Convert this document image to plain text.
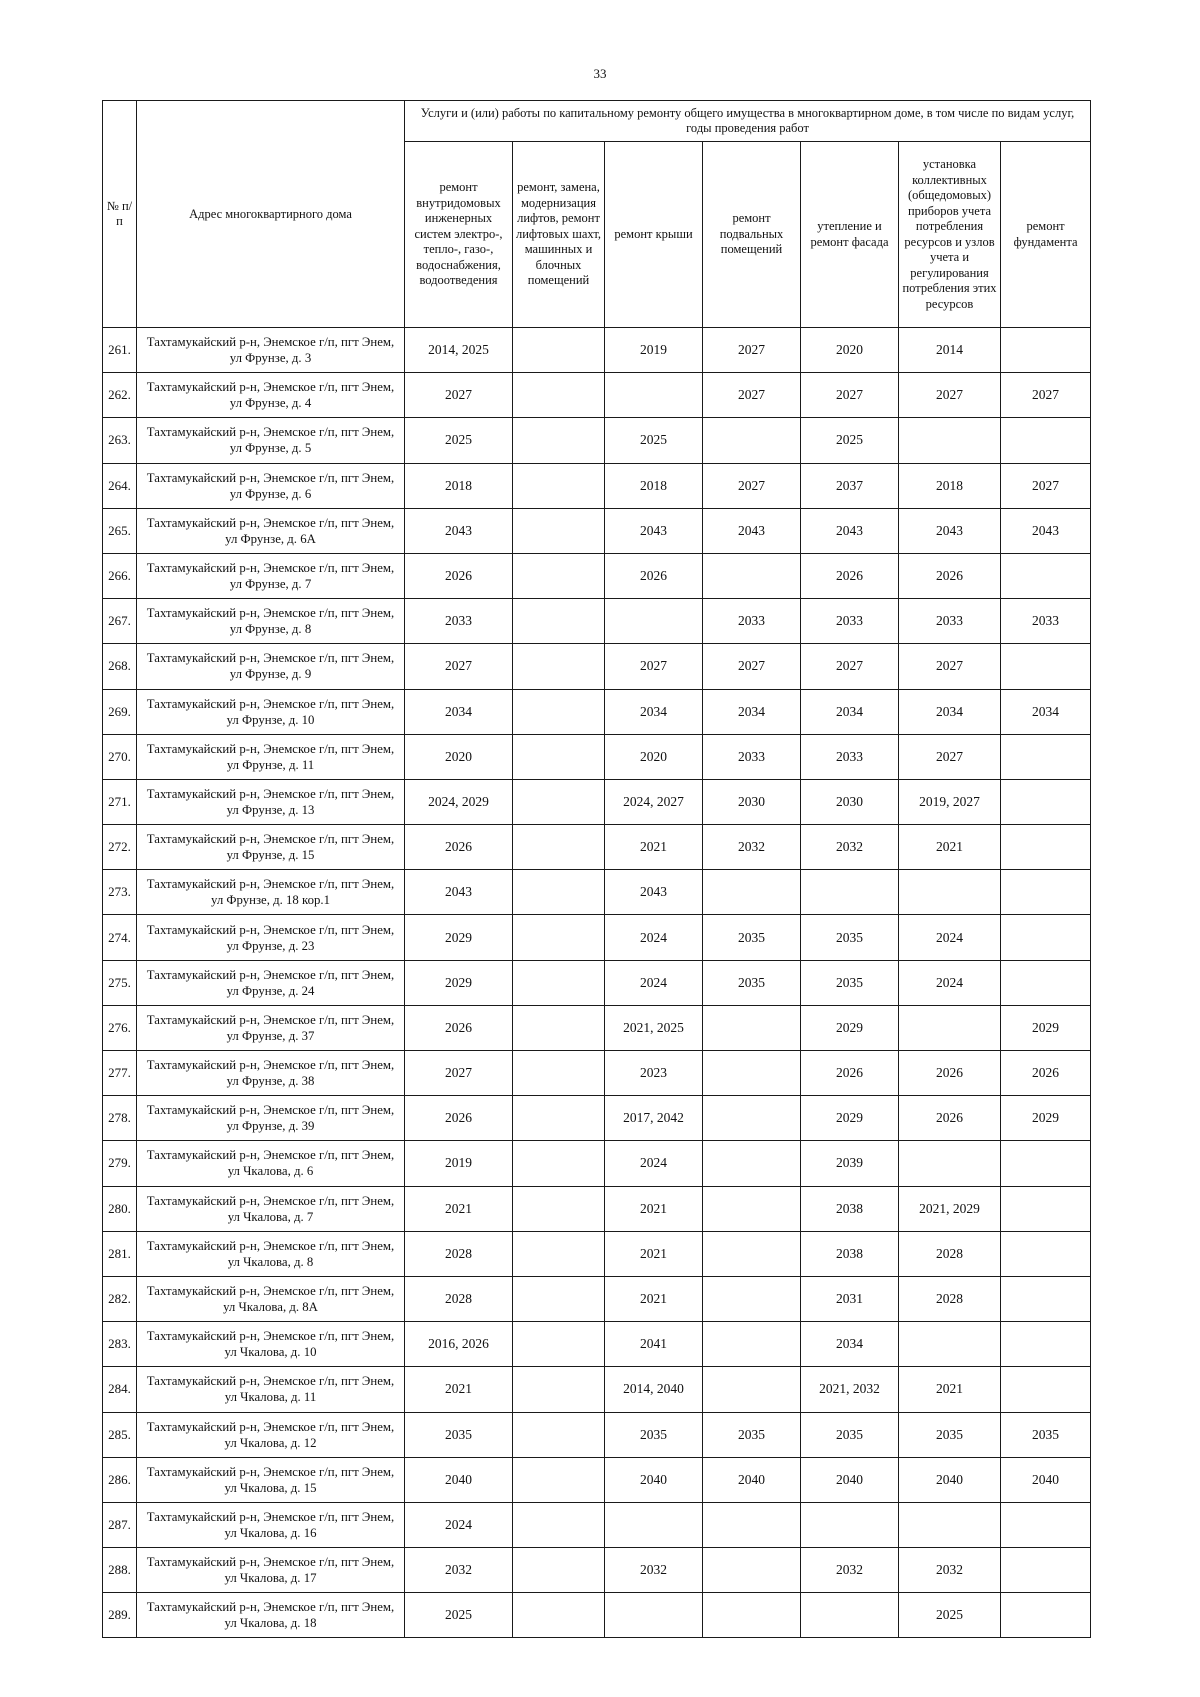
33
№ п/п	Адрес многоквартирного дома	Услуги и (или) работы по капитальному ремонту общего имущества в многоквартирном доме, в том числе по видам услуг, годы проведения работ						
		ремонт внутридомовых инженерных систем электро-, тепло-, газо-, водоснабжения, водоотведения	ремонт, замена, модернизация лифтов, ремонт лифтовых шахт, машинных и блочных помещений	ремонт крыши	ремонт подвальных помещений	утепление и ремонт фасада	установка коллективных (общедомовых) приборов учета потребления ресурсов и узлов учета и регулирования потребления этих ресурсов	ремонт фундамента
261.	Тахтамукайский р-н, Энемское г/п, пгт Энем,
ул Фрунзе, д. 3	2014, 2025		2019	2027	2020	2014	
262.	Тахтамукайский р-н, Энемское г/п, пгт Энем,
ул Фрунзе, д. 4	2027			2027	2027	2027	2027
263.	Тахтамукайский р-н, Энемское г/п, пгт Энем,
ул Фрунзе, д. 5	2025		2025		2025		
264.	Тахтамукайский р-н, Энемское г/п, пгт Энем,
ул Фрунзе, д. 6	2018		2018	2027	2037	2018	2027
265.	Тахтамукайский р-н, Энемское г/п, пгт Энем,
ул Фрунзе, д. 6А	2043		2043	2043	2043	2043	2043
266.	Тахтамукайский р-н, Энемское г/п, пгт Энем,
ул Фрунзе, д. 7	2026		2026		2026	2026	
267.	Тахтамукайский р-н, Энемское г/п, пгт Энем,
ул Фрунзе, д. 8	2033			2033	2033	2033	2033
268.	Тахтамукайский р-н, Энемское г/п, пгт Энем,
ул Фрунзе, д. 9	2027		2027	2027	2027	2027	
269.	Тахтамукайский р-н, Энемское г/п, пгт Энем,
ул Фрунзе, д. 10	2034		2034	2034	2034	2034	2034
270.	Тахтамукайский р-н, Энемское г/п, пгт Энем,
ул Фрунзе, д. 11	2020		2020	2033	2033	2027	
271.	Тахтамукайский р-н, Энемское г/п, пгт Энем,
ул Фрунзе, д. 13	2024, 2029		2024, 2027	2030	2030	2019, 2027	
272.	Тахтамукайский р-н, Энемское г/п, пгт Энем,
ул Фрунзе, д. 15	2026		2021	2032	2032	2021	
273.	Тахтамукайский р-н, Энемское г/п, пгт Энем,
ул Фрунзе, д. 18 кор.1	2043		2043				
274.	Тахтамукайский р-н, Энемское г/п, пгт Энем,
ул Фрунзе, д. 23	2029		2024	2035	2035	2024	
275.	Тахтамукайский р-н, Энемское г/п, пгт Энем,
ул Фрунзе, д. 24	2029		2024	2035	2035	2024	
276.	Тахтамукайский р-н, Энемское г/п, пгт Энем,
ул Фрунзе, д. 37	2026		2021, 2025		2029		2029
277.	Тахтамукайский р-н, Энемское г/п, пгт Энем,
ул Фрунзе, д. 38	2027		2023		2026	2026	2026
278.	Тахтамукайский р-н, Энемское г/п, пгт Энем,
ул Фрунзе, д. 39	2026		2017, 2042		2029	2026	2029
279.	Тахтамукайский р-н, Энемское г/п, пгт Энем,
ул Чкалова, д. 6	2019		2024		2039		
280.	Тахтамукайский р-н, Энемское г/п, пгт Энем,
ул Чкалова, д. 7	2021		2021		2038	2021, 2029	
281.	Тахтамукайский р-н, Энемское г/п, пгт Энем,
ул Чкалова, д. 8	2028		2021		2038	2028	
282.	Тахтамукайский р-н, Энемское г/п, пгт Энем,
ул Чкалова, д. 8А	2028		2021		2031	2028	
283.	Тахтамукайский р-н, Энемское г/п, пгт Энем,
ул Чкалова, д. 10	2016, 2026		2041		2034		
284.	Тахтамукайский р-н, Энемское г/п, пгт Энем,
ул Чкалова, д. 11	2021		2014, 2040		2021, 2032	2021	
285.	Тахтамукайский р-н, Энемское г/п, пгт Энем,
ул Чкалова, д. 12	2035		2035	2035	2035	2035	2035
286.	Тахтамукайский р-н, Энемское г/п, пгт Энем,
ул Чкалова, д. 15	2040		2040	2040	2040	2040	2040
287.	Тахтамукайский р-н, Энемское г/п, пгт Энем,
ул Чкалова, д. 16	2024						
288.	Тахтамукайский р-н, Энемское г/п, пгт Энем,
ул Чкалова, д. 17	2032		2032		2032	2032	
289.	Тахтамукайский р-н, Энемское г/п, пгт Энем,
ул Чкалова, д. 18	2025					2025	
